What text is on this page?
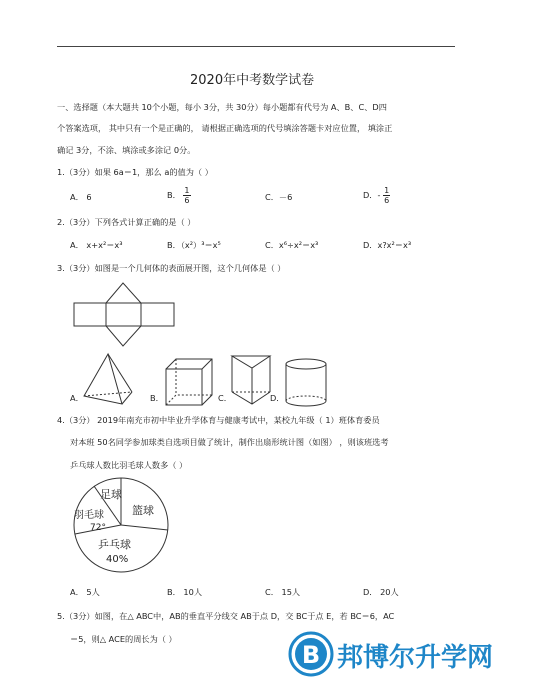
2020年中考数学试卷
一、选择题（本大题共 10个小题，每小 3分，共 30分）每小题都有代号为 A、B、C、D四
个答案选项， 其中只有一个是正确的， 请根据正确选项的代号填涂答题卡对应位置， 填涂正
确记 3分，不涂、填涂或多涂记 0分。
1.（3分）如果 6a＝1，那么 a的值为（ ）
A． 6	B． $\frac{1}{6}$	C．－6	D．- $\frac{1}{6}$
2.（3分）下列各式计算正确的是（ ）
A． x+x²＝x³	B．（x²）³＝x⁵	C．x⁶÷x²＝x³	D．x?x²＝x³
3.（3分）如图是一个几何体的表面展开图，这个几何体是（ ）
A．	B．	C．	D．
4.（3分） 2019年南充市初中毕业升学体育与健康考试中，某校九年级（ 1）班体育委员
对本班 50名同学参加球类自选项目做了统计，制作出扇形统计图（如图） ，则该班选考
乒乓球人数比羽毛球人数多（ ）
足球
篮球
羽毛球
72°
乒乓球
40%
A． 5人	B． 10人	C． 15人	D． 20人
5.（3分）如图，在△ ABC中，AB的垂直平分线交 AB于点 D，交 BC于点 E，若 BC＝6，AC
＝5，则△ ACE的周长为（ ）
B 邦博尔升学网
